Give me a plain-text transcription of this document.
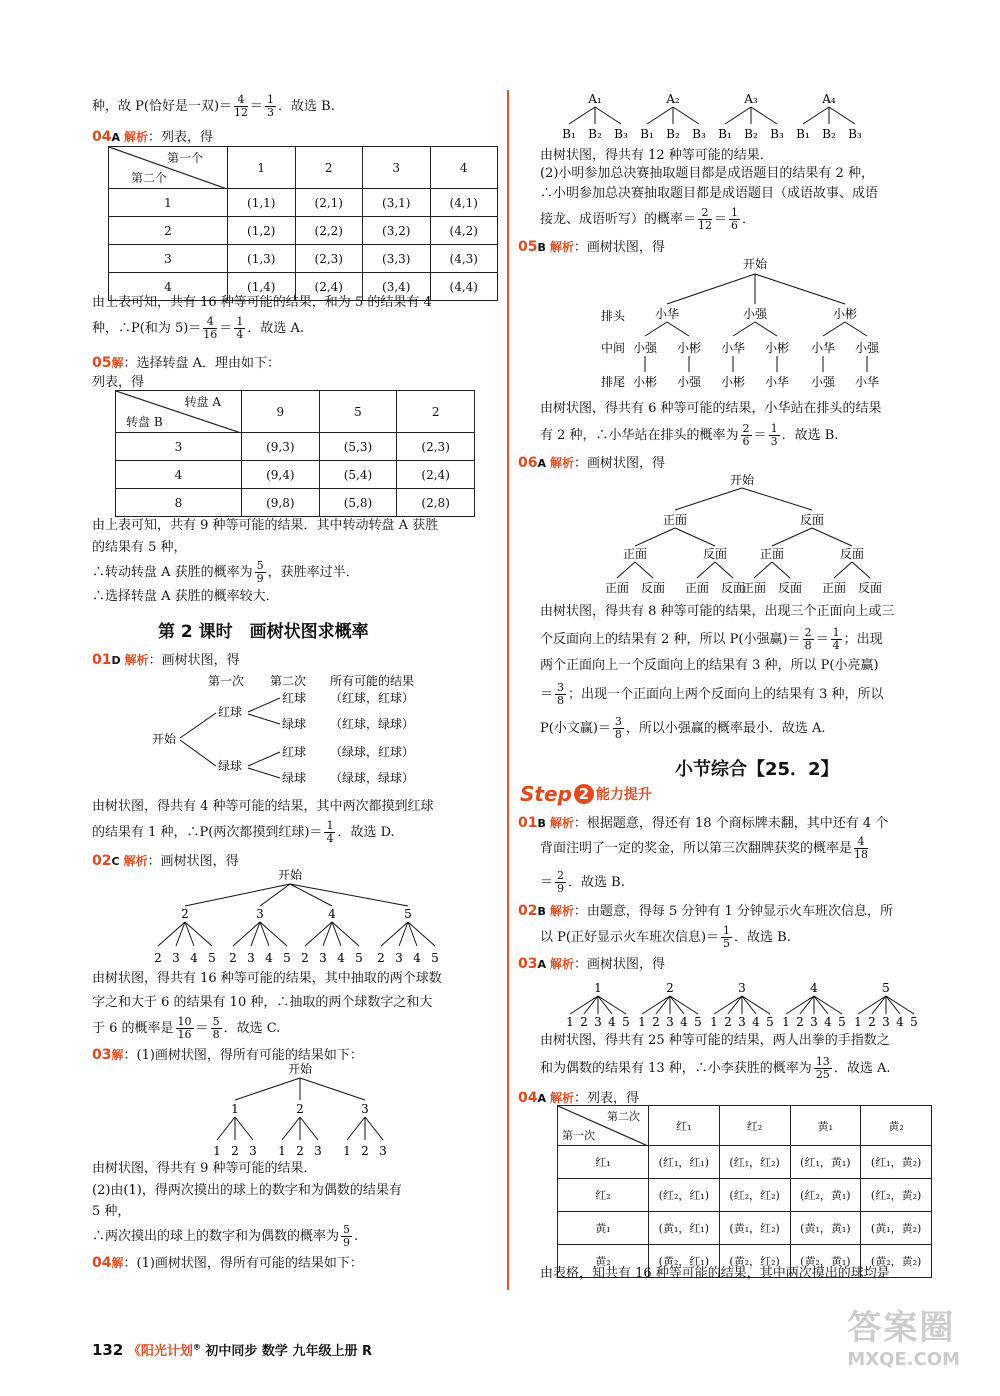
种，故 P(恰好是一双)＝ $\frac{4}{12} = \frac{1}{3}$ ．故选 B.
04A 解析：列表，得
第一个
第二个	1	2	3	4
1	(1,1)	(2,1)	(3,1)	(4,1)
2	(1,2)	(2,2)	(3,2)	(4,2)
3	(1,3)	(2,3)	(3,3)	(4,3)
4	(1,4)	(2,4)	(3,4)	(4,4)
由上表可知，共有 16 种等可能的结果，和为 5 的结果有 4
种，∴P(和为 $5)= \frac{4}{16} = \frac{1}{4}$ ．故选 A.
05解：选择转盘 A．理由如下：
列表，得
转盘 A
转盘 B	9	5	2
3	(9,3)	(5,3)	(2,3)
4	(9,4)	(5,4)	(2,4)
8	(9,8)	(5,8)	(2,8)
由上表可知，共有 9 种等可能的结果．其中转动转盘 A 获胜
的结果有 5 种，
∴转动转盘 A 获胜的概率为 $\frac{5}{9}$ ，获胜率过半．
∴选择转盘 A 获胜的概率较大．
第 2 课时　画树状图求概率
01D 解析：画树状图，得
第一次 第二次 所有可能的结果
开始
红球
绿球
红球
绿球
红球
绿球
（红球，红球）
（红球，绿球）
（绿球，红球）
（绿球，绿球）
由树状图，得共有 4 种等可能的结果，其中两次都摸到红球
的结果有 1 种，∴P(两次都摸到红球)＝ $\frac{1}{4}$ ．故选 D.
02C 解析：画树状图，得
开始
2
2 3 4 5
3
2 3 4 5
4
2 3 4 5
5
2 3 4 5
由树状图，得共有 16 种等可能的结果，其中抽取的两个球数
字之和大于 6 的结果有 10 种，∴抽取的两个球数字之和大
于 6 的概率是 $\frac{10}{16} = \frac{5}{8}$ ．故选 C.
03解：(1)画树状图，得所有可能的结果如下：
开始
1
1 2 3
2
1 2 3
3
1 2 3
由树状图，得共有 9 种等可能的结果．
(2)由(1)，得两次摸出的球上的数字和为偶数的结果有
5 种，
∴两次摸出的球上的数字和为偶数的概率为 $\frac{5}{9}$ .
04解：(1)画树状图，得所有可能的结果如下：
A₁
B₁ B₂ B₃
A₂
B₁ B₂ B₃
A₃
B₁ B₂ B₃
A₄
B₁ B₂ B₃
由树状图，得共有 12 种等可能的结果．
(2)小明参加总决赛抽取题目都是成语题目的结果有 2 种，
∴小明参加总决赛抽取题目都是成语题目（成语故事、成语
接龙、成语听写）的概率＝ $\frac{2}{12} = \frac{1}{6}$ ．
05B 解析：画树状图，得
开始
排头
中间
排尾
小华
小强
小彬
小彬
小强
小强
小华
小彬
小彬
小华
小彬
小华
小强
小强
小华
由树状图，得共有 6 种等可能的结果，小华站在排头的结果
有 2 种，∴小华站在排头的概率为 $\frac{2}{6} = \frac{1}{3}$ ．故选 B.
06A 解析：画树状图，得
开始
正面
正面
正面 反面
反面
正面 反面
反面
正面
正面 反面
反面
正面 反面
由树状图，得共有 8 种等可能的结果，出现三个正面向上或三
个反面向上的结果有 2 种，所以 P(小强赢)＝ $\frac{2}{8} = \frac{1}{4}$ ；出现
两个正面向上一个反面向上的结果有 3 种，所以 P(小亮赢)
＝ $\frac{3}{8}$ ；出现一个正面向上两个反面向上的结果有 3 种，所以
P(小文赢)＝ $\frac{3}{8}$ ，所以小强赢的概率最小．故选 A.
小节综合【25．2】
Step 2 能力提升
01B 解析：根据题意，得还有 18 个商标牌未翻，其中还有 4 个
背面注明了一定的奖金，所以第三次翻牌获奖的概率是 $\frac{4}{18}$
＝ $\frac{2}{9}$ ．故选 B.
02B 解析：由题意，得每 5 分钟有 1 分钟显示火车班次信息，所
以 P(正好显示火车班次信息)＝ $\frac{1}{5}$ ．故选 B.
03A 解析：画树状图，得
1
1 2 3 4 5
2
1 2 3 4 5
3
1 2 3 4 5
4
1 2 3 4 5
5
1 2 3 4 5
由树状图，得共有 25 种等可能的结果，两人出拳的手指数之
和为偶数的结果有 13 种，∴小李获胜的概率为 $\frac{13}{25}$ ．故选 A.
04A 解析：列表，得
第二次
第一次	红₁	红₂	黄₁	黄₂
红₁	(红₁，红₁)	(红₁，红₂)	(红₁，黄₁)	(红₁，黄₂)
红₂	(红₂，红₁)	(红₂，红₂)	(红₂，黄₁)	(红₂，黄₂)
黄₁	(黄₁，红₁)	(黄₁，红₂)	(黄₁，黄₁)	(黄₁，黄₂)
黄₂	(黄₂，红₁)	(黄₂，红₂)	(黄₂，黄₁)	(黄₂，黄₂)
由表格，知共有 16 种等可能的结果，其中两次摸出的球均是
132 《阳光计划® 初中同步 数学 九年级上册 R
答案圈
MXQE.COM
